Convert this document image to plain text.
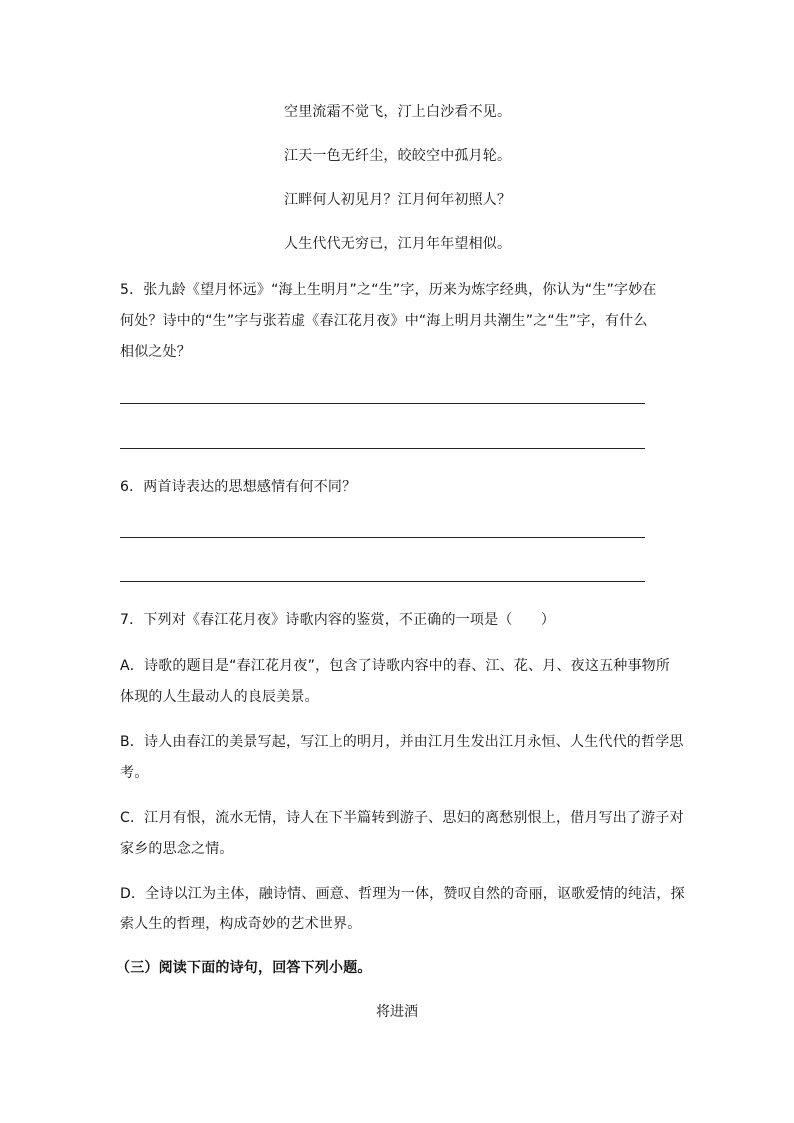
空里流霜不觉飞，汀上白沙看不见。
江天一色无纤尘，皎皎空中孤月轮。
江畔何人初见月？江月何年初照人？
人生代代无穷已，江月年年望相似。
5．张九龄《望月怀远》“海上生明月”之“生”字，历来为炼字经典，你认为“生”字妙在
何处？诗中的“生”字与张若虚《春江花月夜》中“海上明月共潮生”之“生”字，有什么
相似之处？
6．两首诗表达的思想感情有何不同？
7．下列对《春江花月夜》诗歌内容的鉴赏，不正确的一项是（　　）
A．诗歌的题目是“春江花月夜”，包含了诗歌内容中的春、江、花、月、夜这五种事物所
体现的人生最动人的良辰美景。
B．诗人由春江的美景写起，写江上的明月，并由江月生发出江月永恒、人生代代的哲学思
考。
C．江月有恨，流水无情，诗人在下半篇转到游子、思妇的离愁别恨上，借月写出了游子对
家乡的思念之情。
D．全诗以江为主体，融诗情、画意、哲理为一体，赞叹自然的奇丽，讴歌爱情的纯洁，探
索人生的哲理，构成奇妙的艺术世界。
（三）阅读下面的诗句，回答下列小题。
将进酒
